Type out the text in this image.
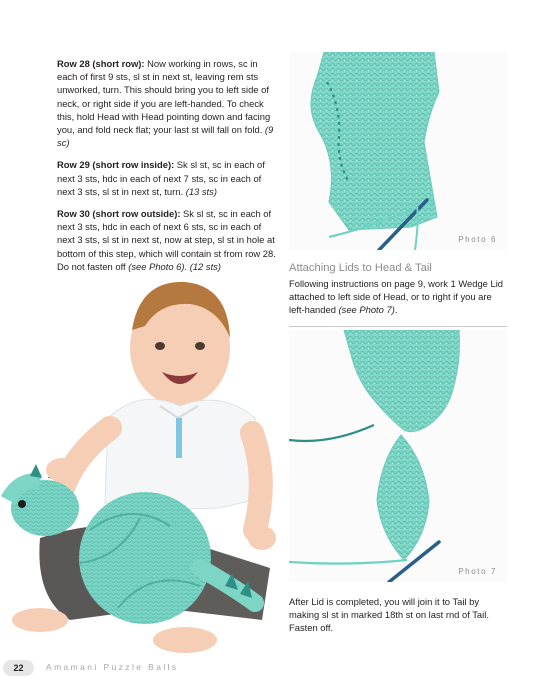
Row 28 (short row): Now working in rows, sc in each of first 9 sts, sl st in next st, leaving rem sts unworked, turn. This should bring you to left side of neck, or right side if you are left-handed. To check this, hold Head with Head pointing down and facing you, and fold neck flat; your last st will fall on fold. (9 sc)

Row 29 (short row inside): Sk sl st, sc in each of next 3 sts, hdc in each of next 7 sts, sc in each of next 3 sts, sl st in next st, turn. (13 sts)

Row 30 (short row outside): Sk sl st, sc in each of next 3 sts, hdc in each of next 6 sts, sc in each of next 3 sts, sl st in next st, now at step, sl st in hole at bottom of this step, which will contain st from row 28. Do not fasten off (see Photo 6). (12 sts)

Photo 6
Attaching Lids to Head & Tail

Following instructions on page 9, work 1 Wedge Lid attached to left side of Head, or to right if you are left-handed (see Photo 7).

Photo 7

After Lid is completed, you will join it to Tail by making sl st in marked 18th st on last rnd of Tail. Fasten off.

22	Amamani Puzzle Balls
